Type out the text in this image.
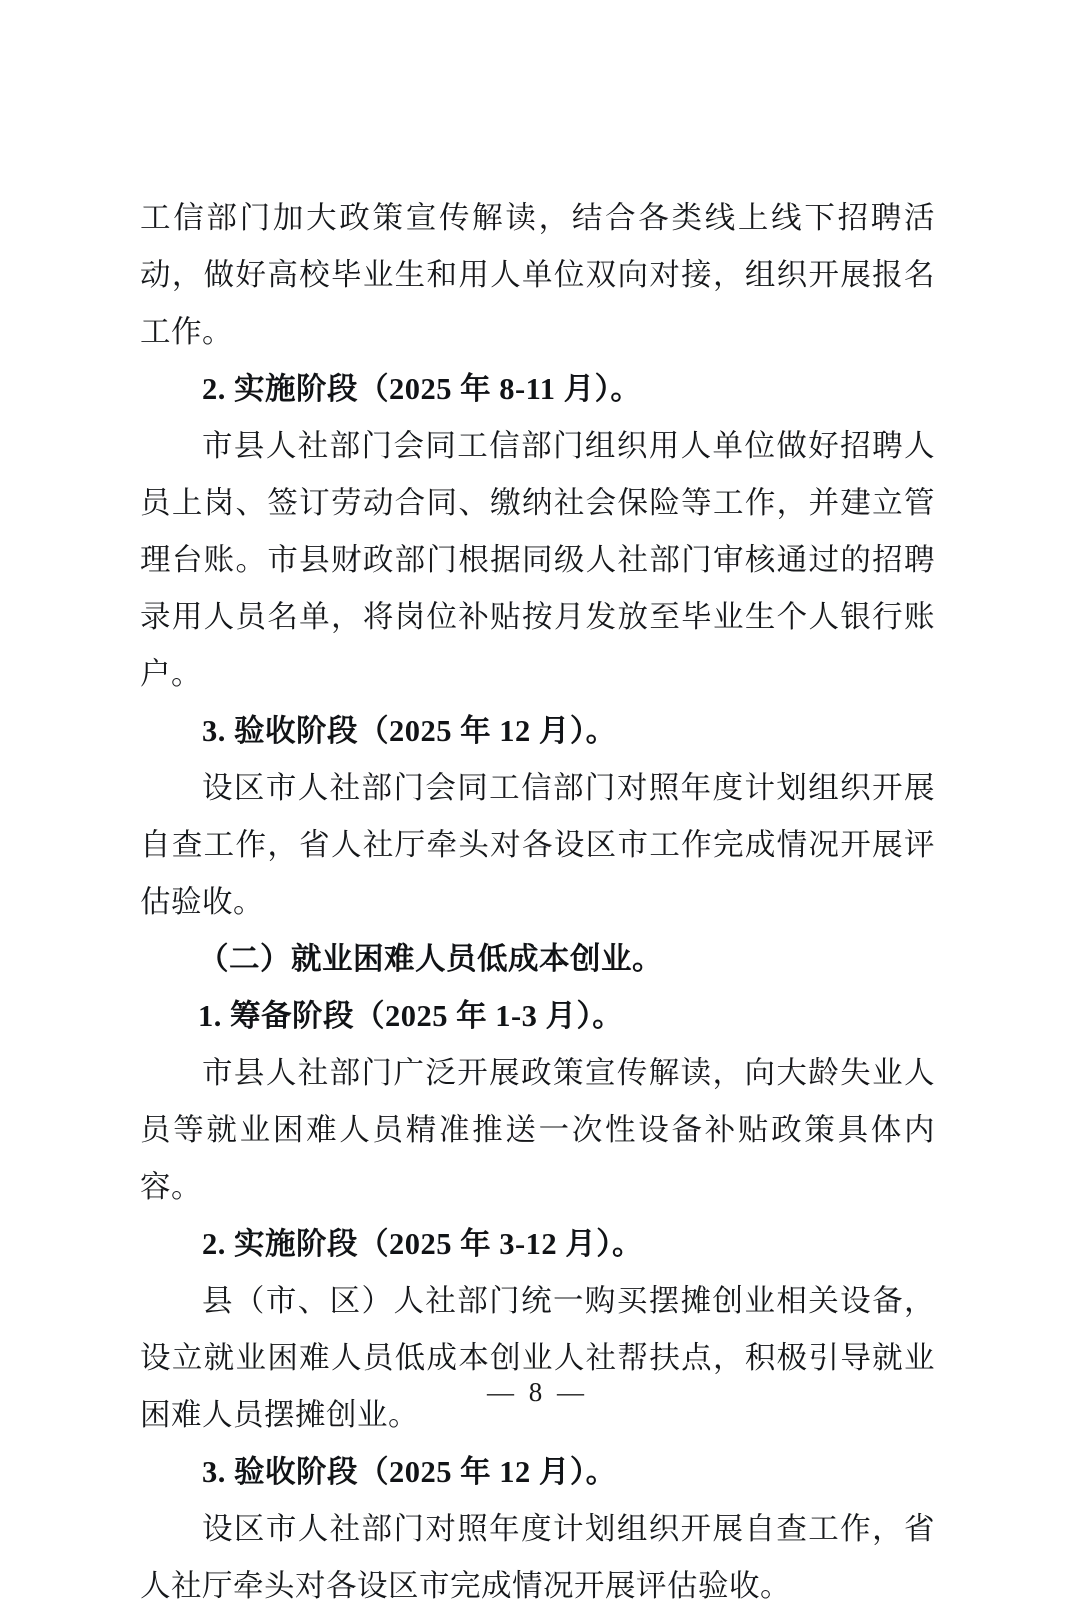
工信部门加大政策宣传解读，结合各类线上线下招聘活动，做好高校毕业生和用人单位双向对接，组织开展报名工作。

2. 实施阶段（2025 年 8-11 月）。

市县人社部门会同工信部门组织用人单位做好招聘人员上岗、签订劳动合同、缴纳社会保险等工作，并建立管理台账。市县财政部门根据同级人社部门审核通过的招聘录用人员名单，将岗位补贴按月发放至毕业生个人银行账户。

3. 验收阶段（2025 年 12 月）。

设区市人社部门会同工信部门对照年度计划组织开展自查工作，省人社厅牵头对各设区市工作完成情况开展评估验收。

（二）就业困难人员低成本创业。

1. 筹备阶段（2025 年 1-3 月）。

市县人社部门广泛开展政策宣传解读，向大龄失业人员等就业困难人员精准推送一次性设备补贴政策具体内容。

2. 实施阶段（2025 年 3-12 月）。

县（市、区）人社部门统一购买摆摊创业相关设备，设立就业困难人员低成本创业人社帮扶点，积极引导就业困难人员摆摊创业。

3. 验收阶段（2025 年 12 月）。

设区市人社部门对照年度计划组织开展自查工作，省人社厅牵头对各设区市完成情况开展评估验收。

— 8 —
